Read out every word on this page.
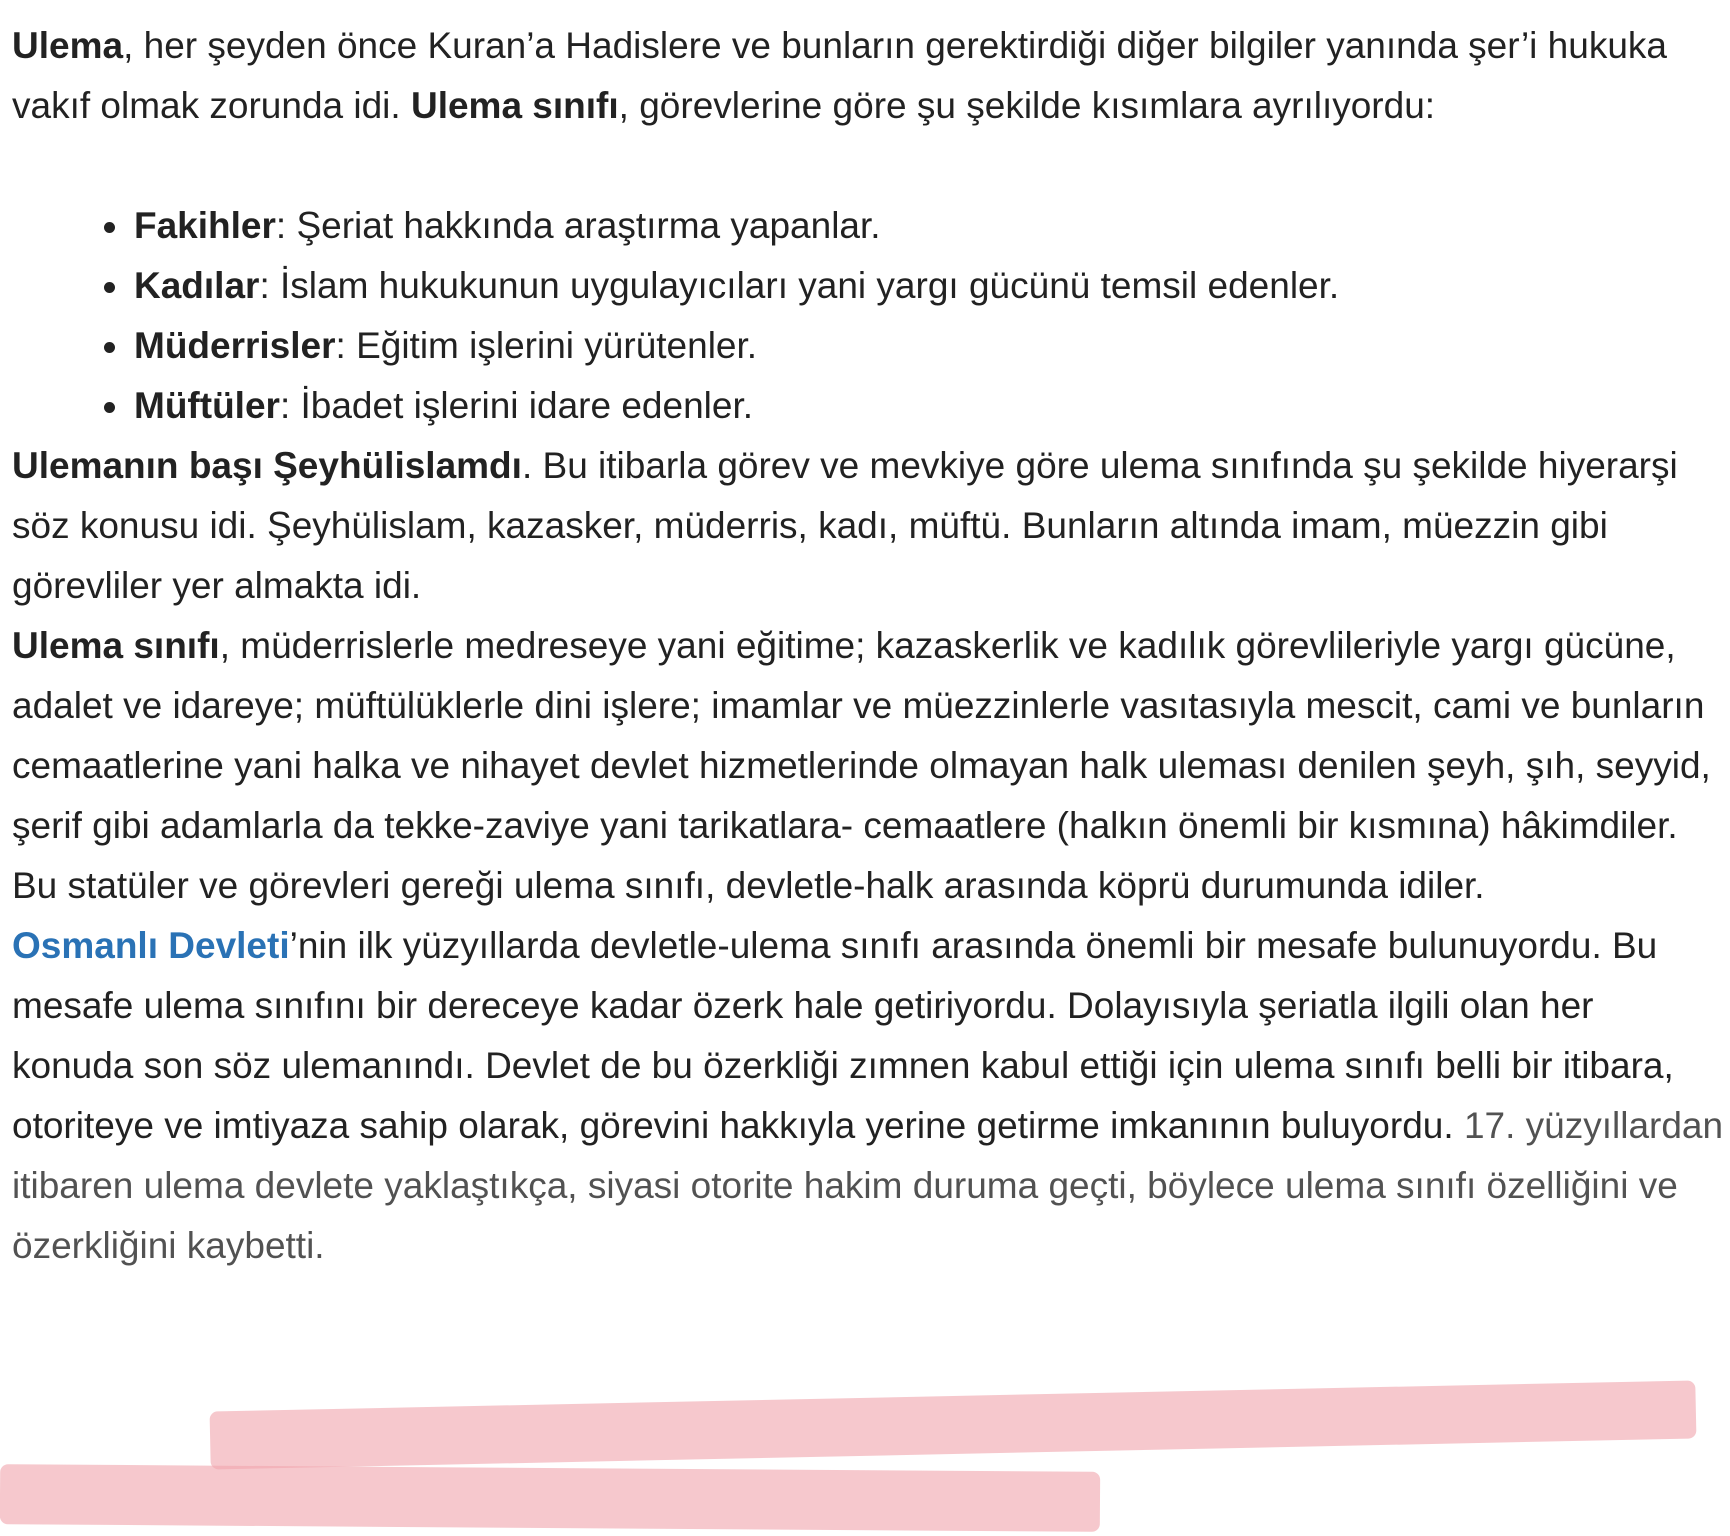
Ulema, her şeyden önce Kuran’a Hadislere ve bunların gerektirdiği diğer bilgiler yanında şer’i hukuka vakıf olmak zorunda idi. Ulema sınıfı, görevlerine göre şu şekilde kısımlara ayrılıyordu:

Fakihler: Şeriat hakkında araştırma yapanlar.
Kadılar: İslam hukukunun uygulayıcıları yani yargı gücünü temsil edenler.
Müderrisler: Eğitim işlerini yürütenler.
Müftüler: İbadet işlerini idare edenler.

Ulemanın başı Şeyhülislamdı. Bu itibarla görev ve mevkiye göre ulema sınıfında şu şekilde hiyerarşi söz konusu idi. Şeyhülislam, kazasker, müderris, kadı, müftü. Bunların altında imam, müezzin gibi görevliler yer almakta idi.

Ulema sınıfı, müderrislerle medreseye yani eğitime; kazaskerlik ve kadılık görevlileriyle yargı gücüne, adalet ve idareye; müftülüklerle dini işlere; imamlar ve müezzinlerle vasıtasıyla mescit, cami ve bunların cemaatlerine yani halka ve nihayet devlet hizmetlerinde olmayan halk uleması denilen şeyh, şıh, seyyid, şerif gibi adamlarla da tekke-zaviye yani tarikatlara- cemaatlere (halkın önemli bir kısmına) hâkimdiler. Bu statüler ve görevleri gereği ulema sınıfı, devletle-halk arasında köprü durumunda idiler.

Osmanlı Devleti’nin ilk yüzyıllarda devletle-ulema sınıfı arasında önemli bir mesafe bulunuyordu. Bu mesafe ulema sınıfını bir dereceye kadar özerk hale getiriyordu. Dolayısıyla şeriatla ilgili olan her konuda son söz ulemanındı. Devlet de bu özerkliği zımnen kabul ettiği için ulema sınıfı belli bir itibara, otoriteye ve imtiyaza sahip olarak, görevini hakkıyla yerine getirme imkanının buluyordu. 17. yüzyıllardan itibaren ulema devlete yaklaştıkça, siyasi otorite hakim duruma geçti, böylece ulema sınıfı özelliğini ve özerkliğini kaybetti.
